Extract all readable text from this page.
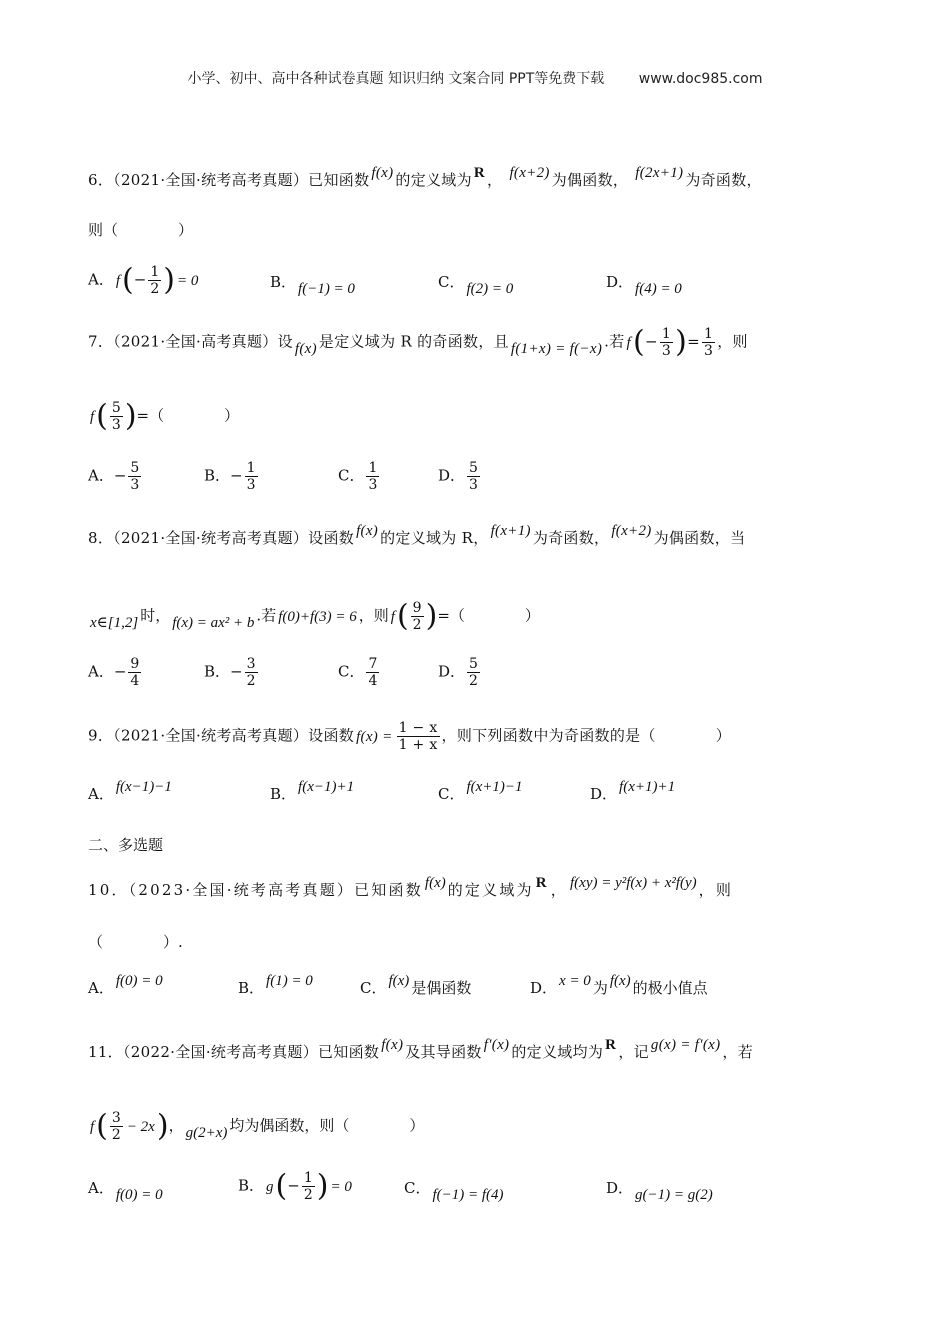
小学、初中、高中各种试卷真题 知识归纳 文案合同 PPT等免费下载 www.doc985.com
6．（2021·全国·统考高考真题）已知函数 f(x) 的定义域为 R ， f(x+2) 为偶函数， f(2x+1) 为奇函数，
则（	）
A． $f(- \frac{1}{2}$ ) = 0	B． f(−1) = 0	C． f(2) = 0	D． f(4) = 0
7．（2021·全国·高考真题）设 f(x) 是定义域为 R 的奇函数，且 f(1+x) = f(−x) .若 $f(- \frac{1}{3}$ )= $\frac{1}{3}$ ，则
$f( \frac{5}{3}$ )=（	）
A．− $\frac{5}{3}$	B．− $\frac{1}{3}$	C． $\frac{1}{3}$	D． $\frac{5}{3}$
8．（2021·全国·统考高考真题）设函数 f(x) 的定义域为 R， f(x+1) 为奇函数， f(x+2) 为偶函数，当
x∈[1,2] 时， f(x) = ax² + b .若 f(0)+f(3) = 6 ，则 $f( \frac{9}{2}$ )=（	）
A．− $\frac{9}{4}$	B．− $\frac{3}{2}$	C． $\frac{7}{4}$	D． $\frac{5}{2}$
9．（2021·全国·统考高考真题）设函数 $f(x) = \frac{1 - x}{1 + x}$ ，则下列函数中为奇函数的是（	）
A． f(x−1)−1	B． f(x−1)+1	C． f(x+1)−1	D． f(x+1)+1
二、多选题
10．（2023·全国·统考高考真题）已知函数 f(x) 的定义域为 R ， f(xy) = y²f(x) + x²f(y) ，则
（	）.
A． f(0) = 0	B． f(1) = 0	C． f(x) 是偶函数	D． x = 0 为 f(x) 的极小值点
11．（2022·全国·统考高考真题）已知函数 f(x) 及其导函数 f′(x) 的定义域均为 R ，记 g(x) = f′(x) ，若
$f( \frac{3}{2} - 2x)$， g(2+x) 均为偶函数，则（	）
A． f(0) = 0
B． $g(- \frac{1}{2}$ ) = 0	C． f(−1) = f(4)	D． g(−1) = g(2)
